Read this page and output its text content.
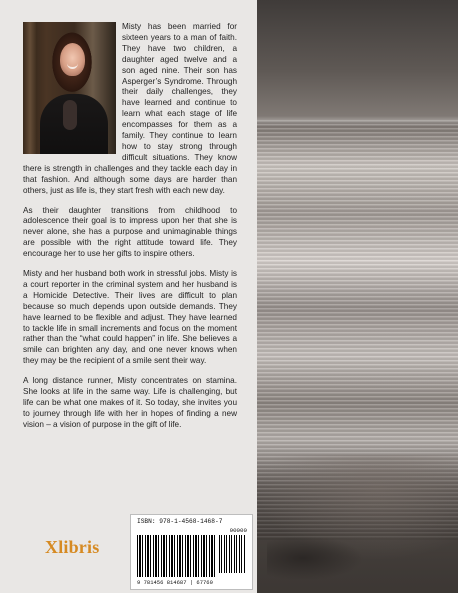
Misty has been married for sixteen years to a man of faith. They have two children, a daughter aged twelve and a son aged nine. Their son has Asperger’s Syndrome. Through their daily challenges, they have learned and continue to learn what each stage of life encompasses for them as a family. They continue to learn how to stay strong through difficult situations. They know there is strength in challenges and they tackle each day in that fashion. And although some days are harder than others, just as life is, they start fresh with each new day.

As their daughter transitions from childhood to adolescence their goal is to impress upon her that she is never alone, she has a purpose and unimaginable things are possible with the right attitude toward life. They encourage her to use her gifts to inspire others.

Misty and her husband both work in stressful jobs. Misty is a court reporter in the criminal system and her husband is a Homicide Detective. Their lives are difficult to plan because so much depends upon outside demands. They have learned to be flexible and adjust. They have learned to tackle life in small increments and focus on the moment rather than the “what could happen” in life. She believes a smile can brighten any day, and one never knows when they may be the recipient of a smile sent their way.

A long distance runner, Misty concentrates on stamina. She looks at life in the same way. Life is challenging, but life can be what one makes of it. So today, she invites you to journey through life with her in hopes of finding a new vision – a vision of purpose in the gift of life.

Xlibris
ISBN: 978-1-4568-1468-7
90000
9 781456 814687 | 67760
